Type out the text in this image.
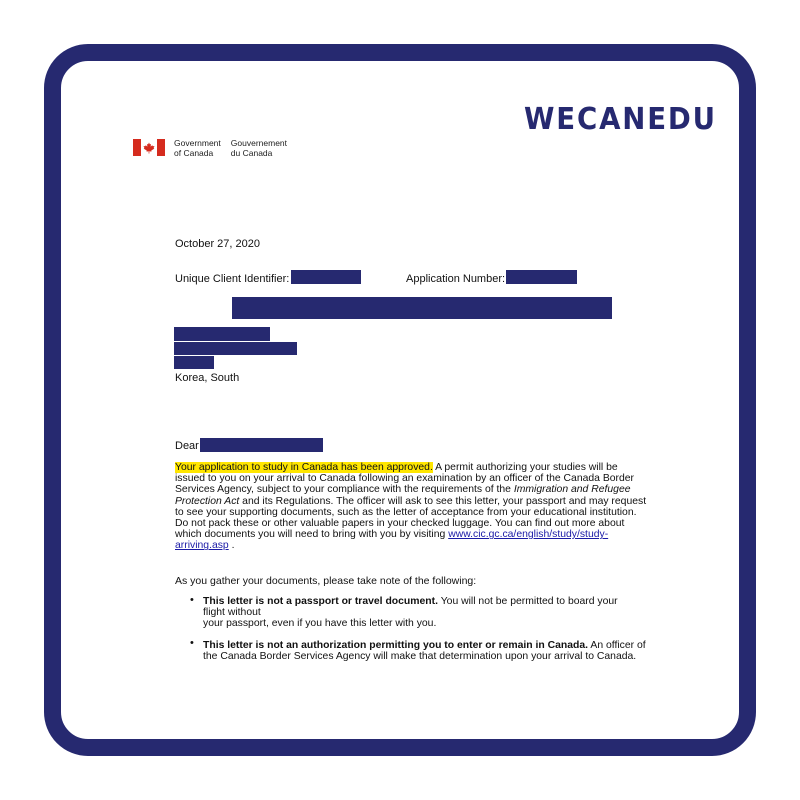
WECANEDU
Government
of Canada
Gouvernement
du Canada
October 27, 2020
Unique Client Identifier:	Application Number:
Korea, South
Dear
Your application to study in Canada has been approved. A permit authorizing your studies will be issued to you on your arrival to Canada following an examination by an officer of the Canada Border Services Agency, subject to your compliance with the requirements of the Immigration and Refugee Protection Act and its Regulations. The officer will ask to see this letter, your passport and may request to see your supporting documents, such as the letter of acceptance from your educational institution. Do not pack these or other valuable papers in your checked luggage. You can find out more about which documents you will need to bring with you by visiting www.cic.gc.ca/english/study/study-arriving.asp .
As you gather your documents, please take note of the following:
• This letter is not a passport or travel document. You will not be permitted to board your
flight without
your passport, even if you have this letter with you.
• This letter is not an authorization permitting you to enter or remain in Canada. An officer of the Canada Border Services Agency will make that determination upon your arrival to Canada.
